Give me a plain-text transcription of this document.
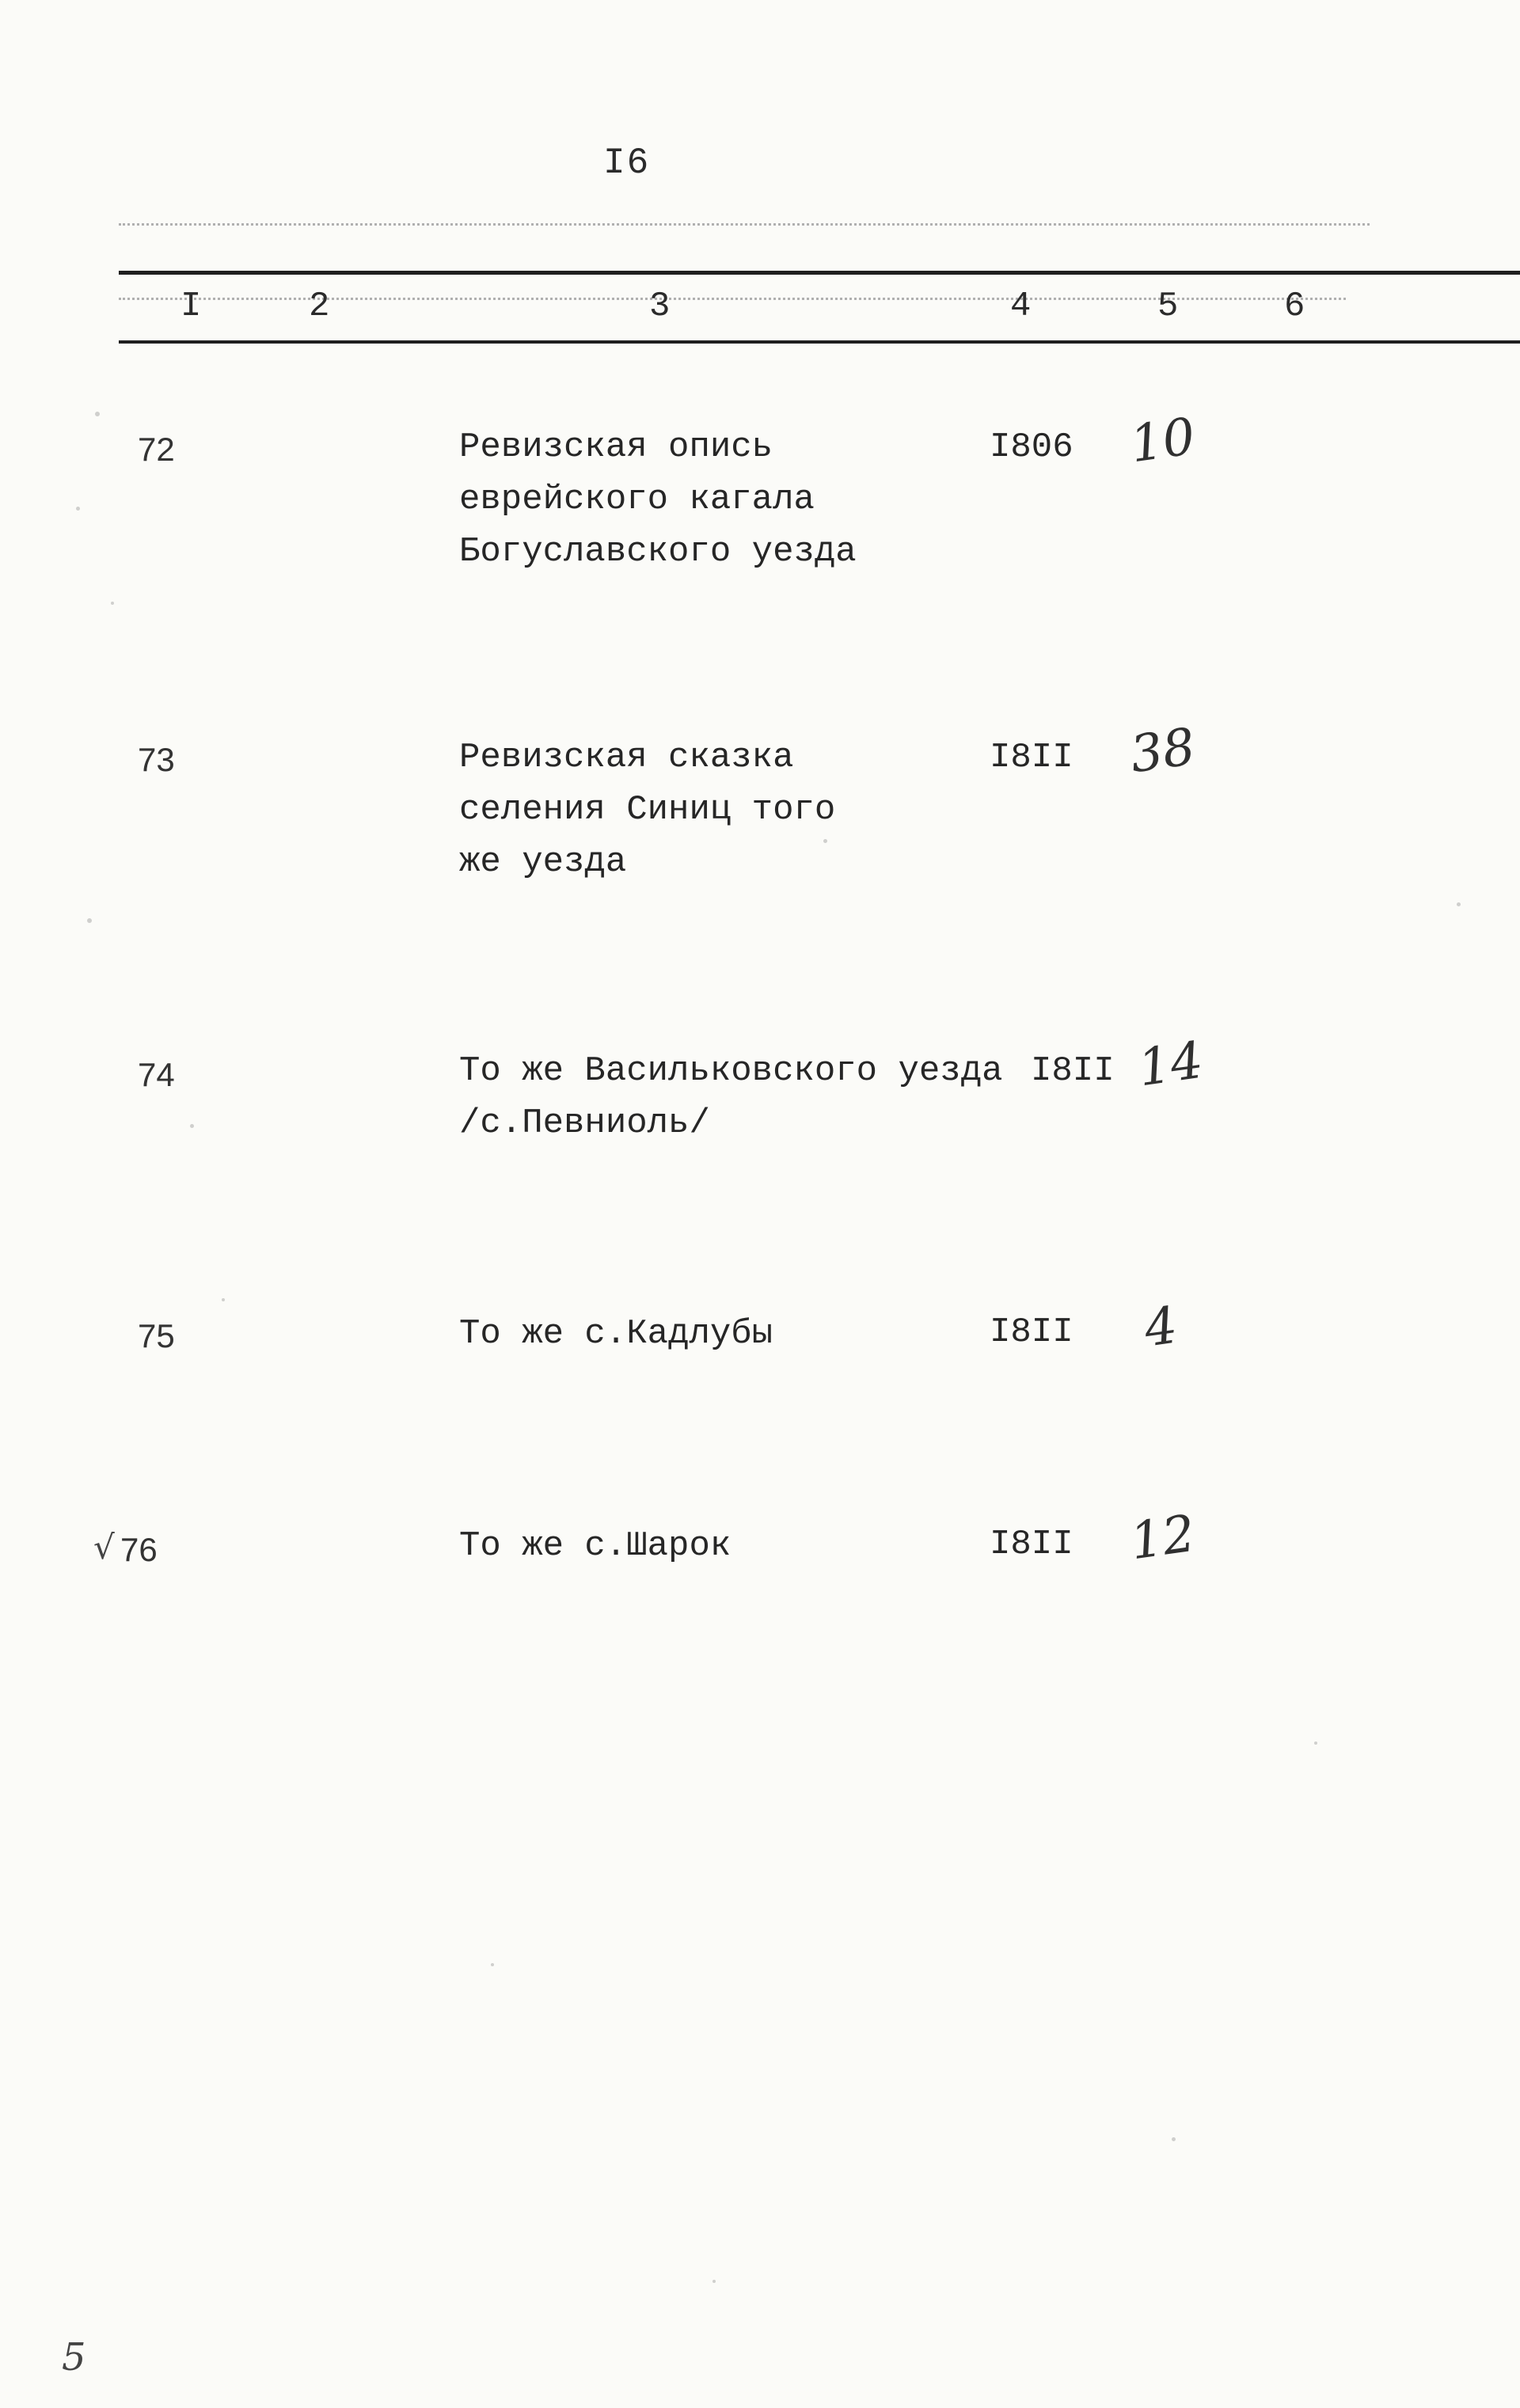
I6
I	2	3	4	5	6
72	Ревизская опись
еврейского кагала
Богуславского уезда
I806 10
73	Ревизская сказка
селения Синиц того
же уезда
I8II 38
74	То же Васильковского уезда
/с.Певниоль/
I8II 14
75	То же с.Кадлубы	I8II 4
√ 76	То же с.Шарок	I8II 12
5
